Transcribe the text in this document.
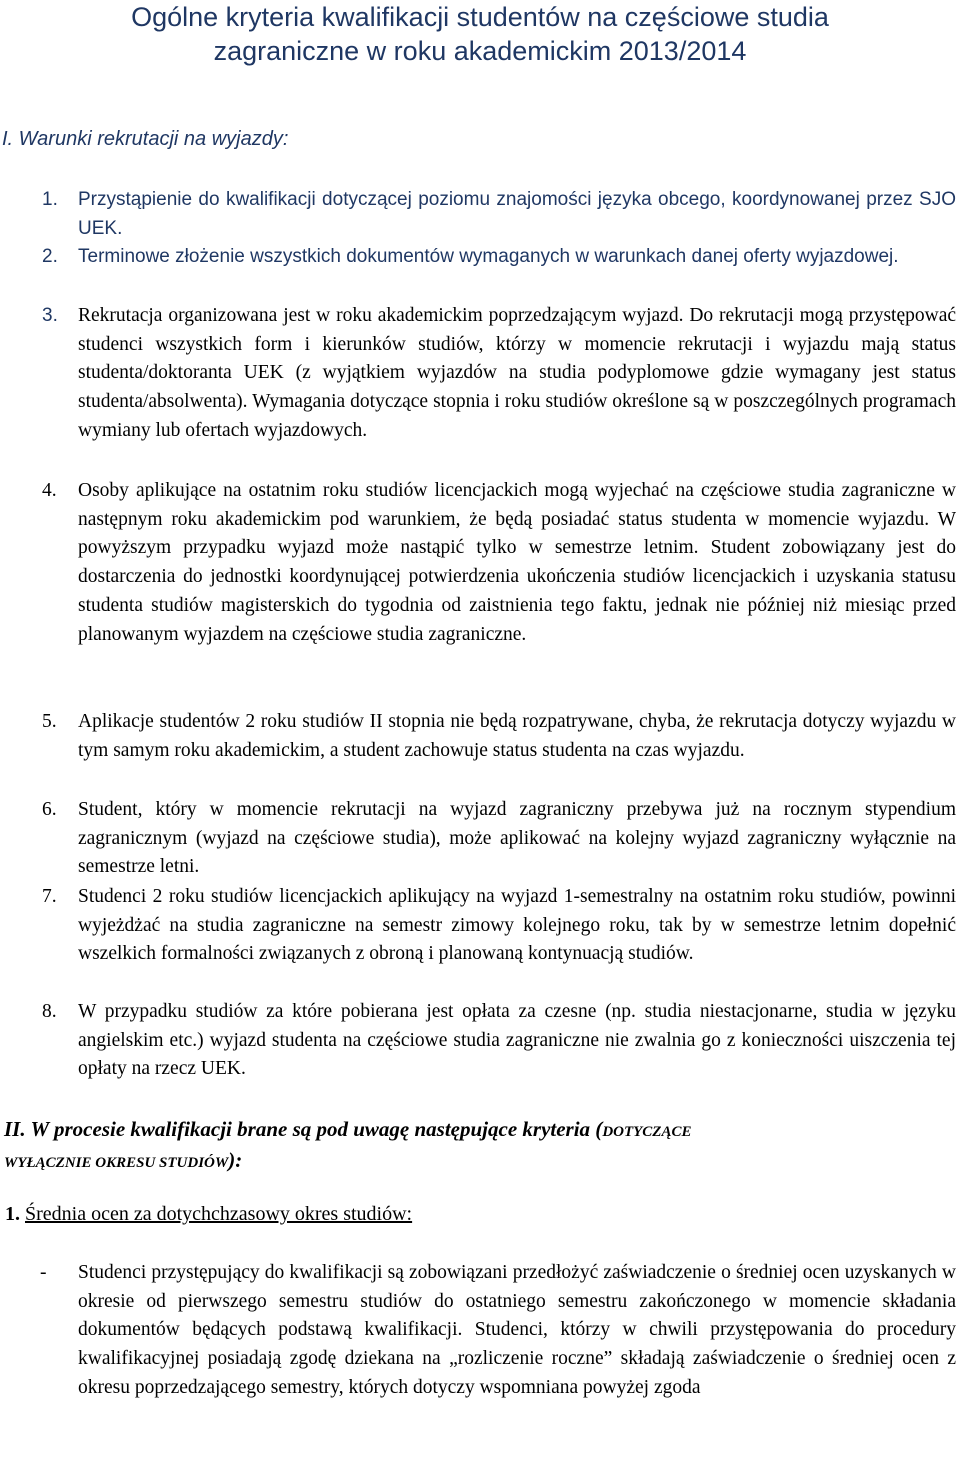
Ogólne kryteria kwalifikacji studentów na częściowe studia
zagraniczne w roku akademickim 2013/2014
I. Warunki rekrutacji na wyjazdy:
1. Przystąpienie do kwalifikacji dotyczącej poziomu znajomości języka obcego, koordynowanej przez SJO UEK.
2. Terminowe złożenie wszystkich dokumentów wymaganych w warunkach danej oferty wyjazdowej.
3. Rekrutacja organizowana jest w roku akademickim poprzedzającym wyjazd. Do rekrutacji mogą przystępować studenci wszystkich form i kierunków studiów, którzy w momencie rekrutacji i wyjazdu mają status studenta/doktoranta UEK (z wyjątkiem wyjazdów na studia podyplomowe gdzie wymagany jest status studenta/absolwenta). Wymagania dotyczące stopnia i roku studiów określone są w poszczególnych programach wymiany lub ofertach wyjazdowych.
4. Osoby aplikujące na ostatnim roku studiów licencjackich mogą wyjechać na częściowe studia zagraniczne w następnym roku akademickim pod warunkiem, że będą posiadać status studenta w momencie wyjazdu. W powyższym przypadku wyjazd może nastąpić tylko w semestrze letnim. Student zobowiązany jest do dostarczenia do jednostki koordynującej potwierdzenia ukończenia studiów licencjackich i uzyskania statusu studenta studiów magisterskich do tygodnia od zaistnienia tego faktu, jednak nie później niż miesiąc przed planowanym wyjazdem na częściowe studia zagraniczne.
5. Aplikacje studentów 2 roku studiów II stopnia nie będą rozpatrywane, chyba, że rekrutacja dotyczy wyjazdu w tym samym roku akademickim, a student zachowuje status studenta na czas wyjazdu.
6. Student, który w momencie rekrutacji na wyjazd zagraniczny przebywa już na rocznym stypendium zagranicznym (wyjazd na częściowe studia), może aplikować na kolejny wyjazd zagraniczny wyłącznie na semestrze letni.
7. Studenci 2 roku studiów licencjackich aplikujący na wyjazd 1-semestralny na ostatnim roku studiów, powinni wyjeżdżać na studia zagraniczne na semestr zimowy kolejnego roku, tak by w semestrze letnim dopełnić wszelkich formalności związanych z obroną i planowaną kontynuacją studiów.
8. W przypadku studiów za które pobierana jest opłata za czesne (np. studia niestacjonarne, studia w języku angielskim etc.) wyjazd studenta na częściowe studia zagraniczne nie zwalnia go z konieczności uiszczenia tej opłaty na rzecz UEK.
II. W procesie kwalifikacji brane są pod uwagę następujące kryteria (DOTYCZĄCE
WYŁĄCZNIE OKRESU STUDIÓW):
1. Średnia ocen za dotychchzasowy okres studiów:
- Studenci przystępujący do kwalifikacji są zobowiązani przedłożyć zaświadczenie o średniej ocen uzyskanych w okresie od pierwszego semestru studiów do ostatniego semestru zakończonego w momencie składania dokumentów będących podstawą kwalifikacji. Studenci, którzy w chwili przystępowania do procedury kwalifikacyjnej posiadają zgodę dziekana na „rozliczenie roczne” składają zaświadczenie o średniej ocen z okresu poprzedzającego semestry, których dotyczy wspomniana powyżej zgoda
